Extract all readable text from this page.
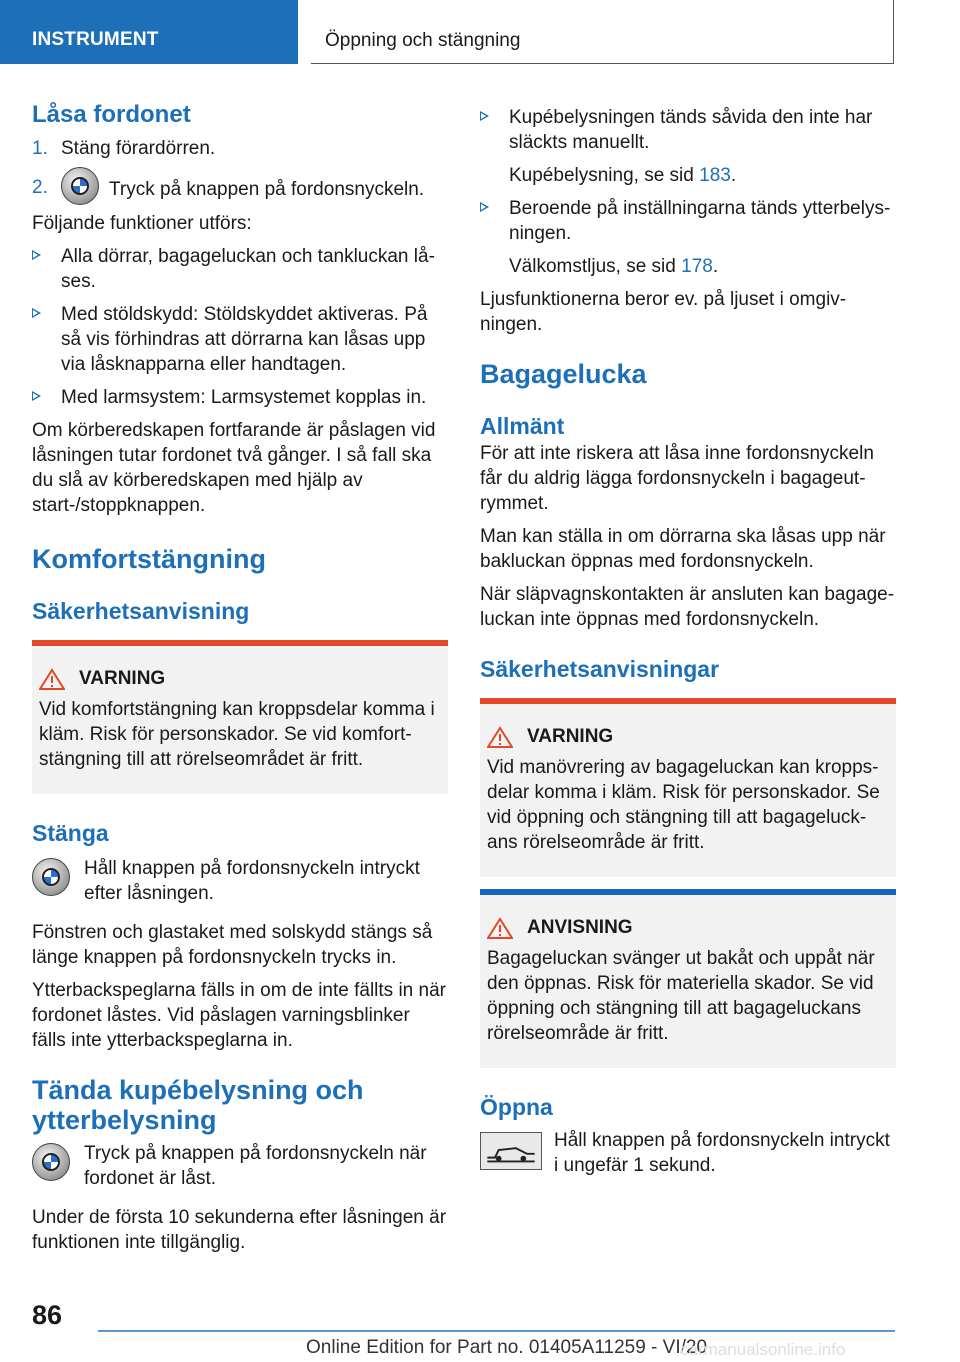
INSTRUMENT	Öppning och stängning
Låsa fordonet
1. Stäng förardörren.
2.	Tryck på knappen på fordonsnyckeln.

Följande funktioner utförs:

Alla dörrar, bagageluckan och tankluckan lå-ses.
Med stöldskydd: Stöldskyddet aktiveras. På så vis förhindras att dörrarna kan låsas upp via låsknapparna eller handtagen.
Med larmsystem: Larmsystemet kopplas in.

Om körberedskapen fortfarande är påslagen vid låsningen tutar fordonet två gånger. I så fall ska du slå av körberedskapen med hjälp av start-/stoppknappen.

Komfortstängning
Säkerhetsanvisning
VARNING
Vid komfortstängning kan kroppsdelar komma i kläm. Risk för personskador. Se vid komfort-stängning till att rörelseområdet är fritt.
Stänga
Håll knappen på fordonsnyckeln intryckt efter låsningen.

Fönstren och glastaket med solskydd stängs så länge knappen på fordonsnyckeln trycks in.

Ytterbackspeglarna fälls in om de inte fällts in när fordonet låstes. Vid påslagen varningsblinker fälls inte ytterbackspeglarna in.

Tända kupébelysning och ytterbelysning
Tryck på knappen på fordonsnyckeln när fordonet är låst.

Under de första 10 sekunderna efter låsningen är funktionen inte tillgänglig.

Kupébelysningen tänds såvida den inte har släckts manuellt.

Kupébelysning, se sid 183.

Beroende på inställningarna tänds ytterbelys-ningen.

Välkomstljus, se sid 178.

Ljusfunktionerna beror ev. på ljuset i omgiv-ningen.

Bagagelucka
Allmänt

För att inte riskera att låsa inne fordonsnyckeln får du aldrig lägga fordonsnyckeln i bagageut-rymmet.

Man kan ställa in om dörrarna ska låsas upp när bakluckan öppnas med fordonsnyckeln.

När släpvagnskontakten är ansluten kan bagage-luckan inte öppnas med fordonsnyckeln.

Säkerhetsanvisningar
VARNING
Vid manövrering av bagageluckan kan kropps-delar komma i kläm. Risk för personskador. Se vid öppning och stängning till att bagageluck-ans rörelseområde är fritt.
ANVISNING
Bagageluckan svänger ut bakåt och uppåt när den öppnas. Risk för materiella skador. Se vid öppning och stängning till att bagageluckans rörelseområde är fritt.
Öppna
Håll knappen på fordonsnyckeln intryckt i ungefär 1 sekund.
86
Online Edition for Part no. 01405A11259 - VI/20
carmanualsonline.info
